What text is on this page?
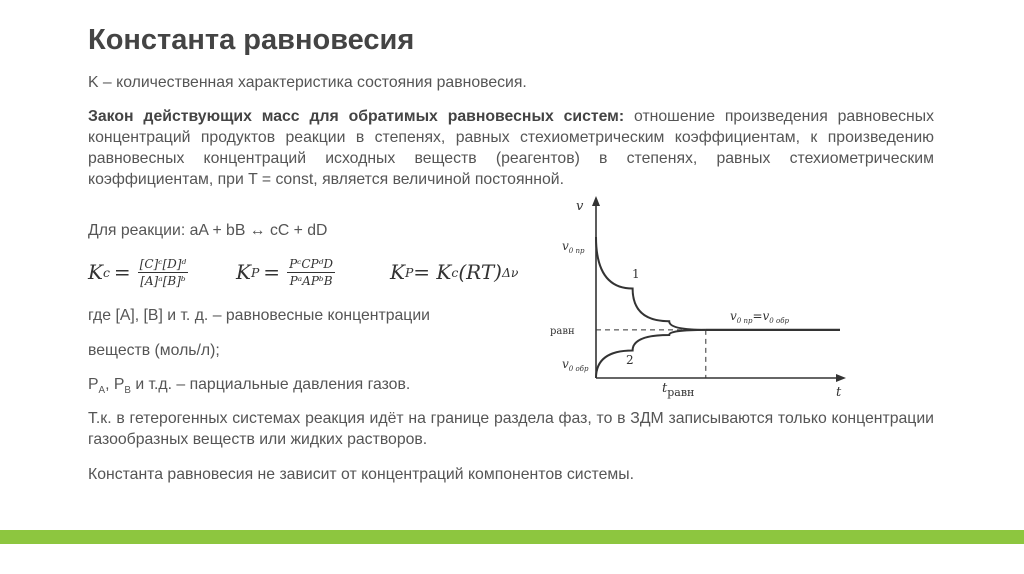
Константа равновесия

K – количественная характеристика состояния равновесия.

Закон действующих масс для обратимых равновесных систем: отношение произведения равновесных концентраций продуктов реакции в степенях, равных стехиометрическим коэффициентам, к произведению равновесных концентраций исходных веществ (реагентов) в степенях, равных стехиометрическим коэффициентам, при T = const, является величиной постоянной.

Для реакции: aA + bB ↔ cC + dD

K $c = \frac{\text{[C]ᶜ[D]ᵈ}}{\text{[A]ᵃ[B]ᵇ}}$ K $P = \frac{\text{PᶜCPᵈD}}{\text{PᵃAPᵇB}}$	K P = K c (RT) Δν

где [A], [B] и т. д. – равновесные концентрации

веществ (моль/л);

$P_A$, $P_B$ и т.д. – парциальные давления газов.

Т.к. в гетерогенных системах реакция идёт на границе раздела фаз, то в ЗДМ записываются только концентрации газообразных веществ или жидких растворов.

Константа равновесия не зависит от концентраций компонентов системы.

v
t
$v_{0 пр}$
$v_{0 обр}$
равн
1
2
$v_{0 пр}=v_{0 обр}$
$t_{равн}$
